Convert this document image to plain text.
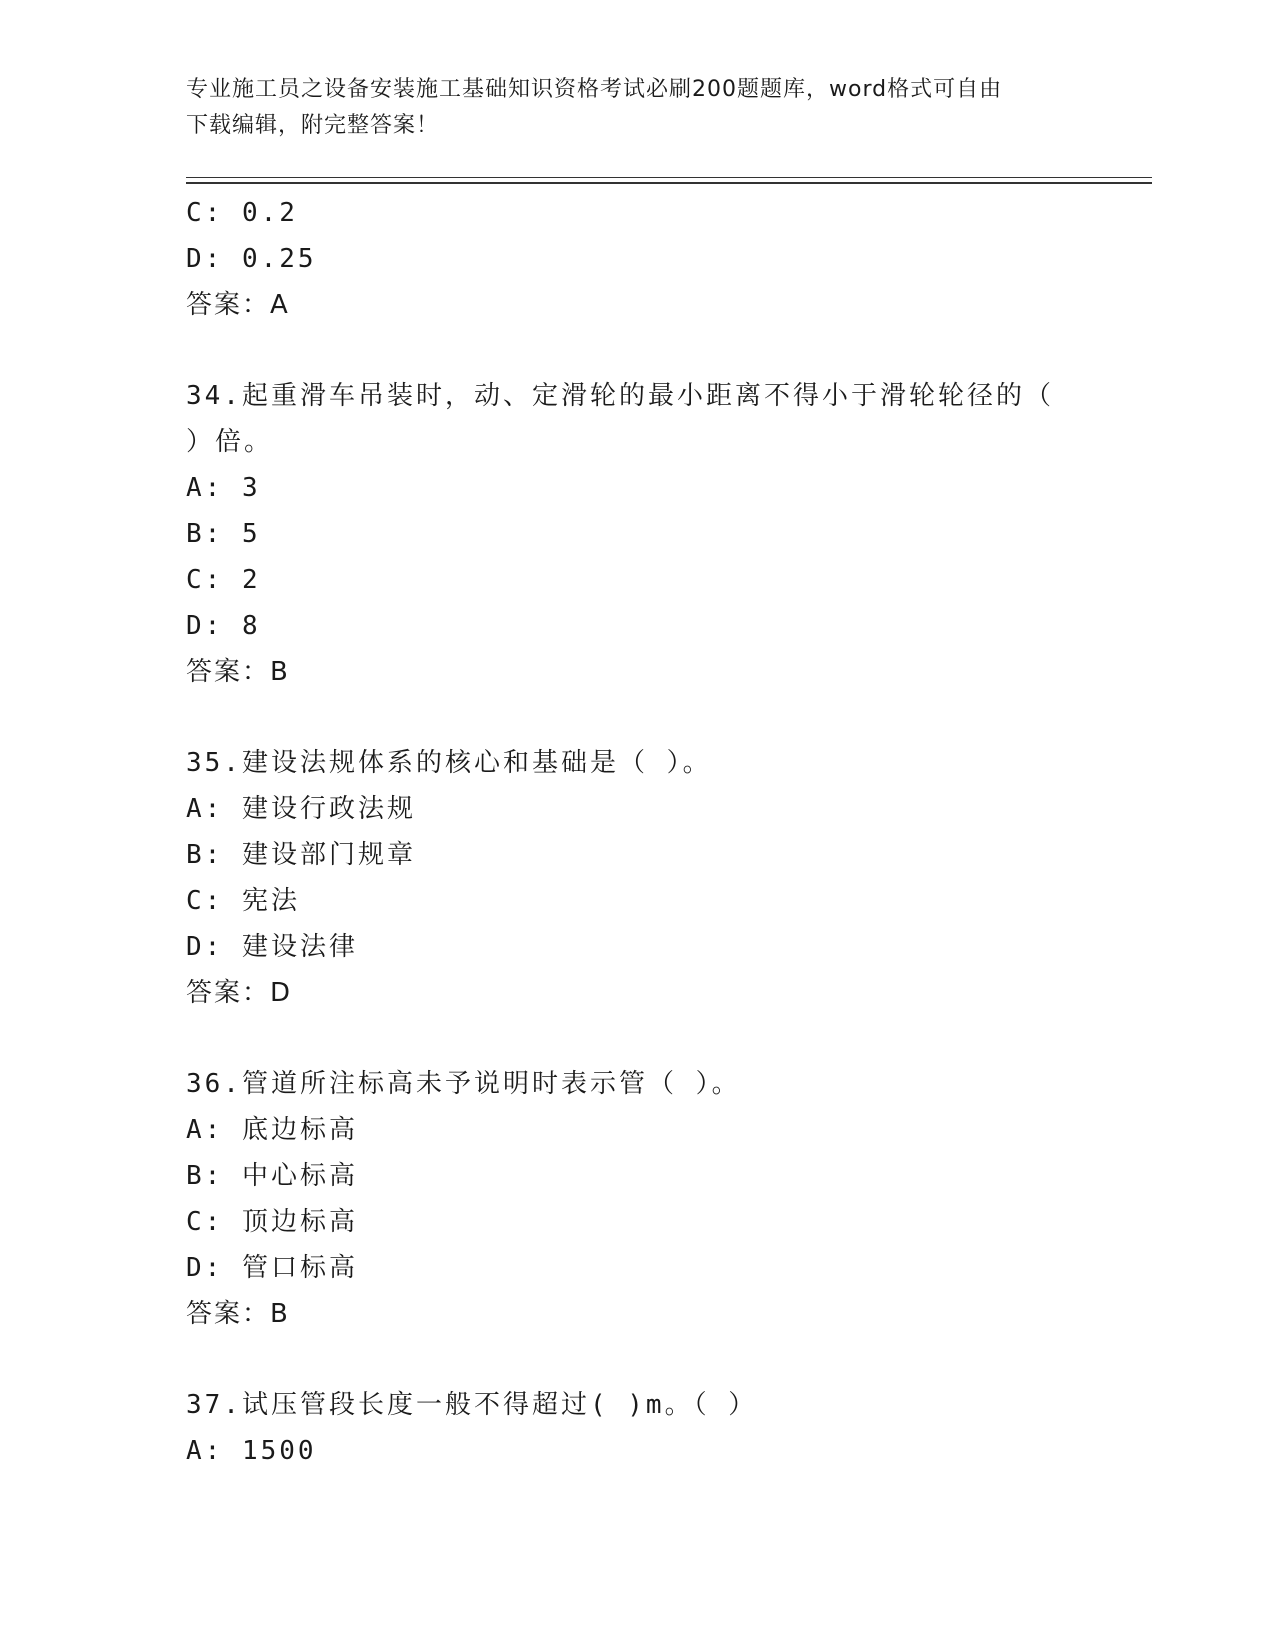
专业施工员之设备安装施工基础知识资格考试必刷200题题库，word格式可自由
下载编辑，附完整答案！
C: 0.2
D: 0.25
答案：A
34.起重滑车吊装时，动、定滑轮的最小距离不得小于滑轮轮径的（
）倍。
A: 3
B: 5
C: 2
D: 8
答案：B
35.建设法规体系的核心和基础是（ ）。
A: 建设行政法规
B: 建设部门规章
C: 宪法
D: 建设法律
答案：D
36.管道所注标高未予说明时表示管（ ）。
A: 底边标高
B: 中心标高
C: 顶边标高
D: 管口标高
答案：B
37.试压管段长度一般不得超过( )m。（ ）
A: 1500
